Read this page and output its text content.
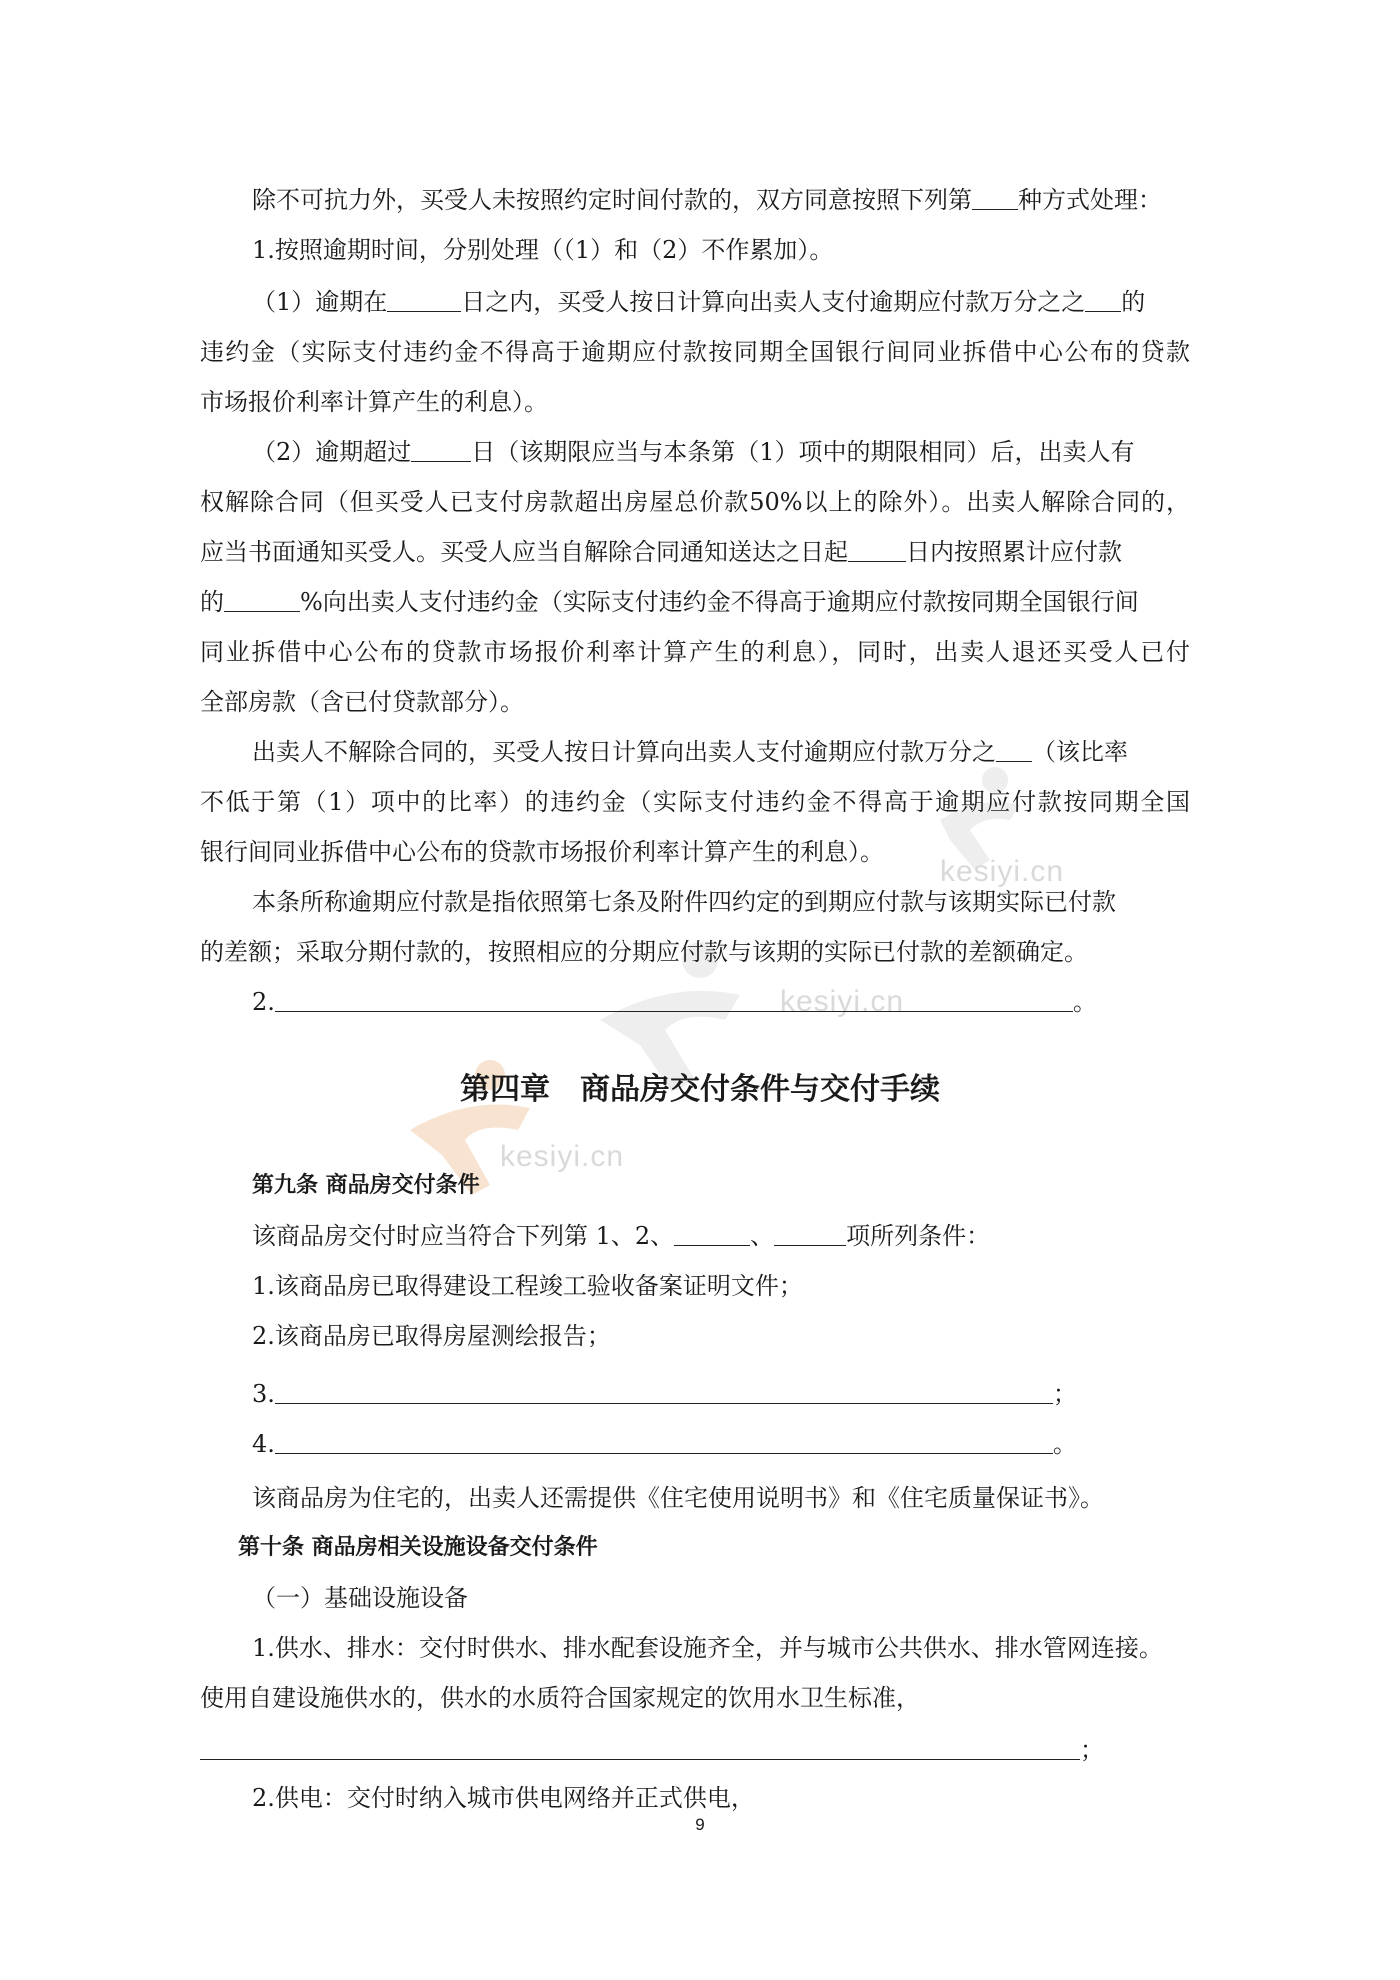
kesiyi.cn
kesiyi.cn
kesiyi.cn
除不可抗力外，买受人未按照约定时间付款的，双方同意按照下列第 种方式处理：
1.按照逾期时间，分别处理（（1）和（2）不作累加）。
（1）逾期在	日之内，买受人按日计算向出卖人支付逾期应付款万分之之 的
违约金（实际支付违约金不得高于逾期应付款按同期全国银行间同业拆借中心公布的贷款
市场报价利率计算产生的利息）。
（2）逾期超过	日（该期限应当与本条第（1）项中的期限相同）后，出卖人有
权解除合同（但买受人已支付房款超出房屋总价款50%以上的除外）。出卖人解除合同的，
应当书面通知买受人。买受人应当自解除合同通知送达之日起 日内按照累计应付款
的	%向出卖人支付违约金（实际支付违约金不得高于逾期应付款按同期全国银行间
同业拆借中心公布的贷款市场报价利率计算产生的利息），同时，出卖人退还买受人已付
全部房款（含已付贷款部分）。
出卖人不解除合同的，买受人按日计算向出卖人支付逾期应付款万分之 （该比率
不低于第（1）项中的比率）的违约金（实际支付违约金不得高于逾期应付款按同期全国
银行间同业拆借中心公布的贷款市场报价利率计算产生的利息）。
本条所称逾期应付款是指依照第七条及附件四约定的到期应付款与该期实际已付款
的差额；采取分期付款的，按照相应的分期应付款与该期的实际已付款的差额确定。
2.	。
第四章　商品房交付条件与交付手续
第九条 商品房交付条件
该商品房交付时应当符合下列第 1、2、	、	项所列条件：
1.该商品房已取得建设工程竣工验收备案证明文件；
2.该商品房已取得房屋测绘报告；
3.	；
4.	。
该商品房为住宅的，出卖人还需提供《住宅使用说明书》和《住宅质量保证书》。
第十条 商品房相关设施设备交付条件
（一）基础设施设备
1.供水、排水：交付时供水、排水配套设施齐全，并与城市公共供水、排水管网连接。
使用自建设施供水的，供水的水质符合国家规定的饮用水卫生标准，
；
2.供电：交付时纳入城市供电网络并正式供电，
9
